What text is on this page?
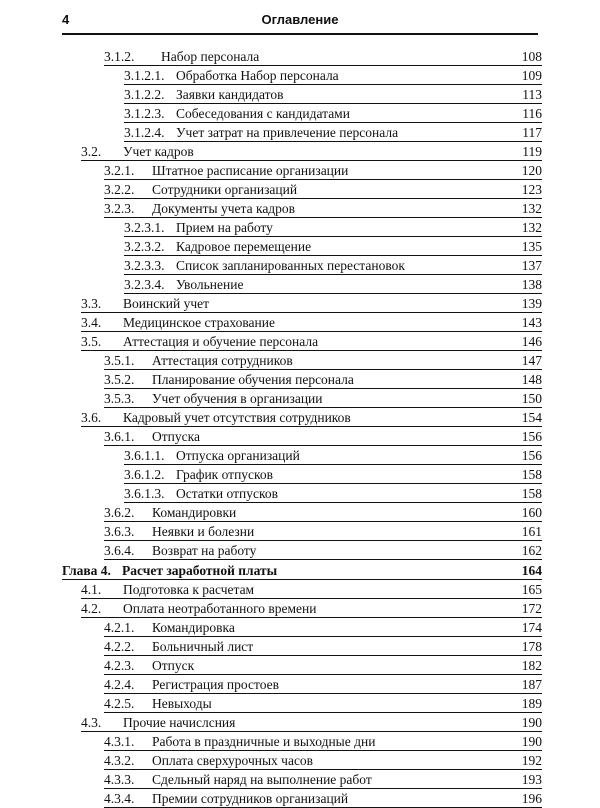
4	Оглавление
3.1.2.	Набор персонала	108
3.1.2.1. Обработка Набор персонала	109
3.1.2.2. Заявки кандидатов	113
3.1.2.3. Собеседования с кандидатами	116
3.1.2.4. Учет затрат на привлечение персонала	117
3.2.	Учет кадров	119
3.2.1.	Штатное расписание организации	120
3.2.2.	Сотрудники организаций	123
3.2.3.	Документы учета кадров	132
3.2.3.1. Прием на работу	132
3.2.3.2. Кадровое перемещение	135
3.2.3.3. Список запланированных перестановок	137
3.2.3.4. Увольнение	138
3.3.	Воинский учет	139
3.4.	Медицинское страхование	143
3.5.	Аттестация и обучение персонала	146
3.5.1.	Аттестация сотрудников	147
3.5.2.	Планирование обучения персонала	148
3.5.3.	Учет обучения в организации	150
3.6.	Кадровый учет отсутствия сотрудников	154
3.6.1.	Отпуска	156
3.6.1.1. Отпуска организаций	156
3.6.1.2. График отпусков	158
3.6.1.3. Остатки отпусков	158
3.6.2.	Командировки	160
3.6.3.	Неявки и болезни	161
3.6.4.	Возврат на работу	162
Глава 4. Расчет заработной платы	164
4.1.	Подготовка к расчетам	165
4.2.	Оплата неотработанного времени	172
4.2.1.	Командировка	174
4.2.2.	Больничный лист	178
4.2.3.	Отпуск	182
4.2.4.	Регистрация простоев	187
4.2.5.	Невыходы	189
4.3.	Прочие начислсния	190
4.3.1.	Работа в праздничные и выходные дни	190
4.3.2.	Оплата сверхурочных часов	192
4.3.3.	Сдельный наряд на выполнение работ	193
4.3.4.	Премии сотрудников организаций	196
